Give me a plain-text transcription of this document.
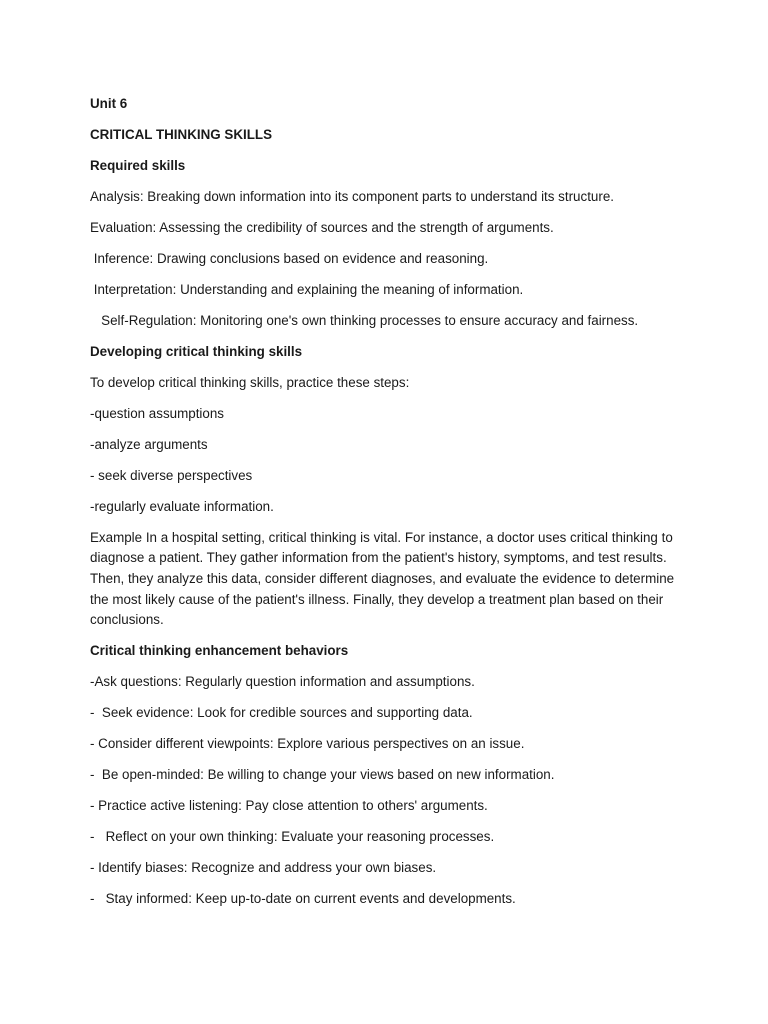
Unit 6
CRITICAL THINKING SKILLS
Required skills
Analysis: Breaking down information into its component parts to understand its structure.
Evaluation: Assessing the credibility of sources and the strength of arguments.
Inference: Drawing conclusions based on evidence and reasoning.
Interpretation: Understanding and explaining the meaning of information.
Self-Regulation: Monitoring one's own thinking processes to ensure accuracy and fairness.
Developing critical thinking skills
To develop critical thinking skills, practice these steps:
-question assumptions
-analyze arguments
- seek diverse perspectives
-regularly evaluate information.
Example In a hospital setting, critical thinking is vital. For instance, a doctor uses critical thinking to diagnose a patient. They gather information from the patient's history, symptoms, and test results. Then, they analyze this data, consider different diagnoses, and evaluate the evidence to determine the most likely cause of the patient's illness. Finally, they develop a treatment plan based on their conclusions.
Critical thinking enhancement behaviors
-Ask questions: Regularly question information and assumptions.
-  Seek evidence: Look for credible sources and supporting data.
- Consider different viewpoints: Explore various perspectives on an issue.
-  Be open-minded: Be willing to change your views based on new information.
- Practice active listening: Pay close attention to others' arguments.
-   Reflect on your own thinking: Evaluate your reasoning processes.
- Identify biases: Recognize and address your own biases.
-   Stay informed: Keep up-to-date on current events and developments.
